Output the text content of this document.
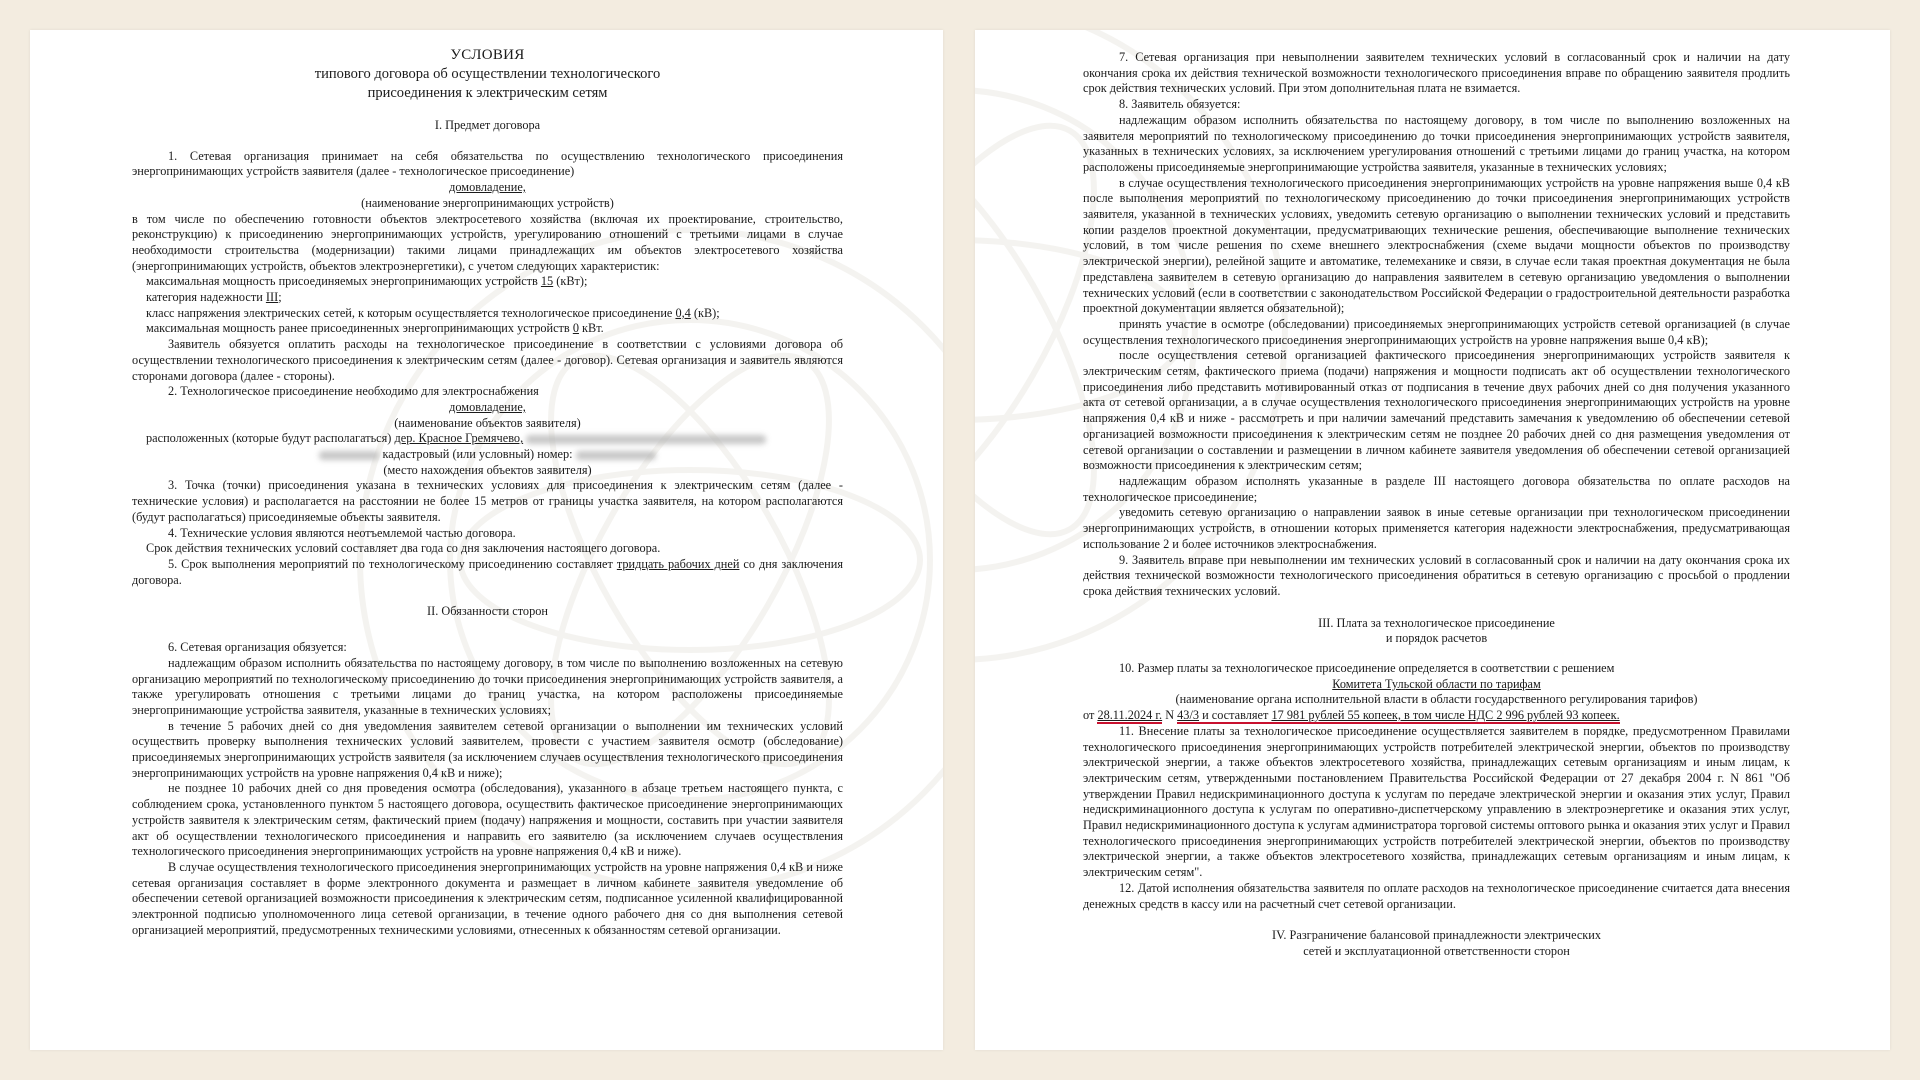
УСЛОВИЯ

типового договора об осуществлении технологического

присоединения к электрическим сетям

I. Предмет договора

1. Сетевая организация принимает на себя обязательства по осуществлению технологического присоединения энергопринимающих устройств заявителя (далее - технологическое присоединение)

домовладение,

(наименование энергопринимающих устройств)

в том числе по обеспечению готовности объектов электросетевого хозяйства (включая их проектирование, строительство, реконструкцию) к присоединению энергопринимающих устройств, урегулированию отношений с третьими лицами в случае необходимости строительства (модернизации) такими лицами принадлежащих им объектов электросетевого хозяйства (энергопринимающих устройств, объектов электроэнергетики), с учетом следующих характеристик:

максимальная мощность присоединяемых энергопринимающих устройств 15 (кВт);

категория надежности III;

класс напряжения электрических сетей, к которым осуществляется технологическое присоединение 0,4 (кВ);

максимальная мощность ранее присоединенных энергопринимающих устройств 0 кВт.

Заявитель обязуется оплатить расходы на технологическое присоединение в соответствии с условиями договора об осуществлении технологического присоединения к электрическим сетям (далее - договор). Сетевая организация и заявитель являются сторонами договора (далее - стороны).

2. Технологическое присоединение необходимо для электроснабжения

домовладение,

(наименование объектов заявителя)

расположенных (которые будут располагаться) дер. Красное Гремячево,

кадастровый (или условный) номер:

(место нахождения объектов заявителя)

3. Точка (точки) присоединения указана в технических условиях для присоединения к электрическим сетям (далее - технические условия) и располагается на расстоянии не более 15 метров от границы участка заявителя, на котором располагаются (будут располагаться) присоединяемые объекты заявителя.

4. Технические условия являются неотъемлемой частью договора.

Срок действия технических условий составляет два года со дня заключения настоящего договора.

5. Срок выполнения мероприятий по технологическому присоединению составляет тридцать рабочих дней со дня заключения договора.

II. Обязанности сторон

6. Сетевая организация обязуется:

надлежащим образом исполнить обязательства по настоящему договору, в том числе по выполнению возложенных на сетевую организацию мероприятий по технологическому присоединению до точки присоединения энергопринимающих устройств заявителя, а также урегулировать отношения с третьими лицами до границ участка, на котором расположены присоединяемые энергопринимающие устройства заявителя, указанные в технических условиях;

в течение 5 рабочих дней со дня уведомления заявителем сетевой организации о выполнении им технических условий осуществить проверку выполнения технических условий заявителем, провести с участием заявителя осмотр (обследование) присоединяемых энергопринимающих устройств заявителя (за исключением случаев осуществления технологического присоединения энергопринимающих устройств на уровне напряжения 0,4 кВ и ниже);

не позднее 10 рабочих дней со дня проведения осмотра (обследования), указанного в абзаце третьем настоящего пункта, с соблюдением срока, установленного пунктом 5 настоящего договора, осуществить фактическое присоединение энергопринимающих устройств заявителя к электрическим сетям, фактический прием (подачу) напряжения и мощности, составить при участии заявителя акт об осуществлении технологического присоединения и направить его заявителю (за исключением случаев осуществления технологического присоединения энергопринимающих устройств на уровне напряжения 0,4 кВ и ниже).

В случае осуществления технологического присоединения энергопринимающих устройств на уровне напряжения 0,4 кВ и ниже сетевая организация составляет в форме электронного документа и размещает в личном кабинете заявителя уведомление об обеспечении сетевой организацией возможности присоединения к электрическим сетям, подписанное усиленной квалифицированной электронной подписью уполномоченного лица сетевой организации, в течение одного рабочего дня со дня выполнения сетевой организацией мероприятий, предусмотренных техническими условиями, отнесенных к обязанностям сетевой организации.

7. Сетевая организация при невыполнении заявителем технических условий в согласованный срок и наличии на дату окончания срока их действия технической возможности технологического присоединения вправе по обращению заявителя продлить срок действия технических условий. При этом дополнительная плата не взимается.

8. Заявитель обязуется:

надлежащим образом исполнить обязательства по настоящему договору, в том числе по выполнению возложенных на заявителя мероприятий по технологическому присоединению до точки присоединения энергопринимающих устройств заявителя, указанных в технических условиях, за исключением урегулирования отношений с третьими лицами до границ участка, на котором расположены присоединяемые энергопринимающие устройства заявителя, указанные в технических условиях;

в случае осуществления технологического присоединения энергопринимающих устройств на уровне напряжения выше 0,4 кВ после выполнения мероприятий по технологическому присоединению до точки присоединения энергопринимающих устройств заявителя, указанной в технических условиях, уведомить сетевую организацию о выполнении технических условий и представить копии разделов проектной документации, предусматривающих технические решения, обеспечивающие выполнение технических условий, в том числе решения по схеме внешнего электроснабжения (схеме выдачи мощности объектов по производству электрической энергии), релейной защите и автоматике, телемеханике и связи, в случае если такая проектная документация не была представлена заявителем в сетевую организацию до направления заявителем в сетевую организацию уведомления о выполнении технических условий (если в соответствии с законодательством Российской Федерации о градостроительной деятельности разработка проектной документации является обязательной);

принять участие в осмотре (обследовании) присоединяемых энергопринимающих устройств сетевой организацией (в случае осуществления технологического присоединения энергопринимающих устройств на уровне напряжения выше 0,4 кВ);

после осуществления сетевой организацией фактического присоединения энергопринимающих устройств заявителя к электрическим сетям, фактического приема (подачи) напряжения и мощности подписать акт об осуществлении технологического присоединения либо представить мотивированный отказ от подписания в течение двух рабочих дней со дня получения указанного акта от сетевой организации, а в случае осуществления технологического присоединения энергопринимающих устройств на уровне напряжения 0,4 кВ и ниже - рассмотреть и при наличии замечаний представить замечания к уведомлению об обеспечении сетевой организацией возможности присоединения к электрическим сетям не позднее 20 рабочих дней со дня размещения уведомления от сетевой организации о составлении и размещении в личном кабинете заявителя уведомления об обеспечении сетевой организацией возможности присоединения к электрическим сетям;

надлежащим образом исполнять указанные в разделе III настоящего договора обязательства по оплате расходов на технологическое присоединение;

уведомить сетевую организацию о направлении заявок в иные сетевые организации при технологическом присоединении энергопринимающих устройств, в отношении которых применяется категория надежности электроснабжения, предусматривающая использование 2 и более источников электроснабжения.

9. Заявитель вправе при невыполнении им технических условий в согласованный срок и наличии на дату окончания срока их действия технической возможности технологического присоединения обратиться в сетевую организацию с просьбой о продлении срока действия технических условий.

III. Плата за технологическое присоединение

и порядок расчетов

10. Размер платы за технологическое присоединение определяется в соответствии с решением

Комитета Тульской области по тарифам

(наименование органа исполнительной власти в области государственного регулирования тарифов)

от 28.11.2024 г. N 43/3 и составляет 17 981 рублей 55 копеек, в том числе НДС 2 996 рублей 93 копеек.

11. Внесение платы за технологическое присоединение осуществляется заявителем в порядке, предусмотренном Правилами технологического присоединения энергопринимающих устройств потребителей электрической энергии, объектов по производству электрической энергии, а также объектов электросетевого хозяйства, принадлежащих сетевым организациям и иным лицам, к электрическим сетям, утвержденными постановлением Правительства Российской Федерации от 27 декабря 2004 г. N 861 "Об утверждении Правил недискриминационного доступа к услугам по передаче электрической энергии и оказания этих услуг, Правил недискриминационного доступа к услугам по оперативно-диспетчерскому управлению в электроэнергетике и оказания этих услуг, Правил недискриминационного доступа к услугам администратора торговой системы оптового рынка и оказания этих услуг и Правил технологического присоединения энергопринимающих устройств потребителей электрической энергии, объектов по производству электрической энергии, а также объектов электросетевого хозяйства, принадлежащих сетевым организациям и иным лицам, к электрическим сетям".

12. Датой исполнения обязательства заявителя по оплате расходов на технологическое присоединение считается дата внесения денежных средств в кассу или на расчетный счет сетевой организации.

IV. Разграничение балансовой принадлежности электрических

сетей и эксплуатационной ответственности сторон
